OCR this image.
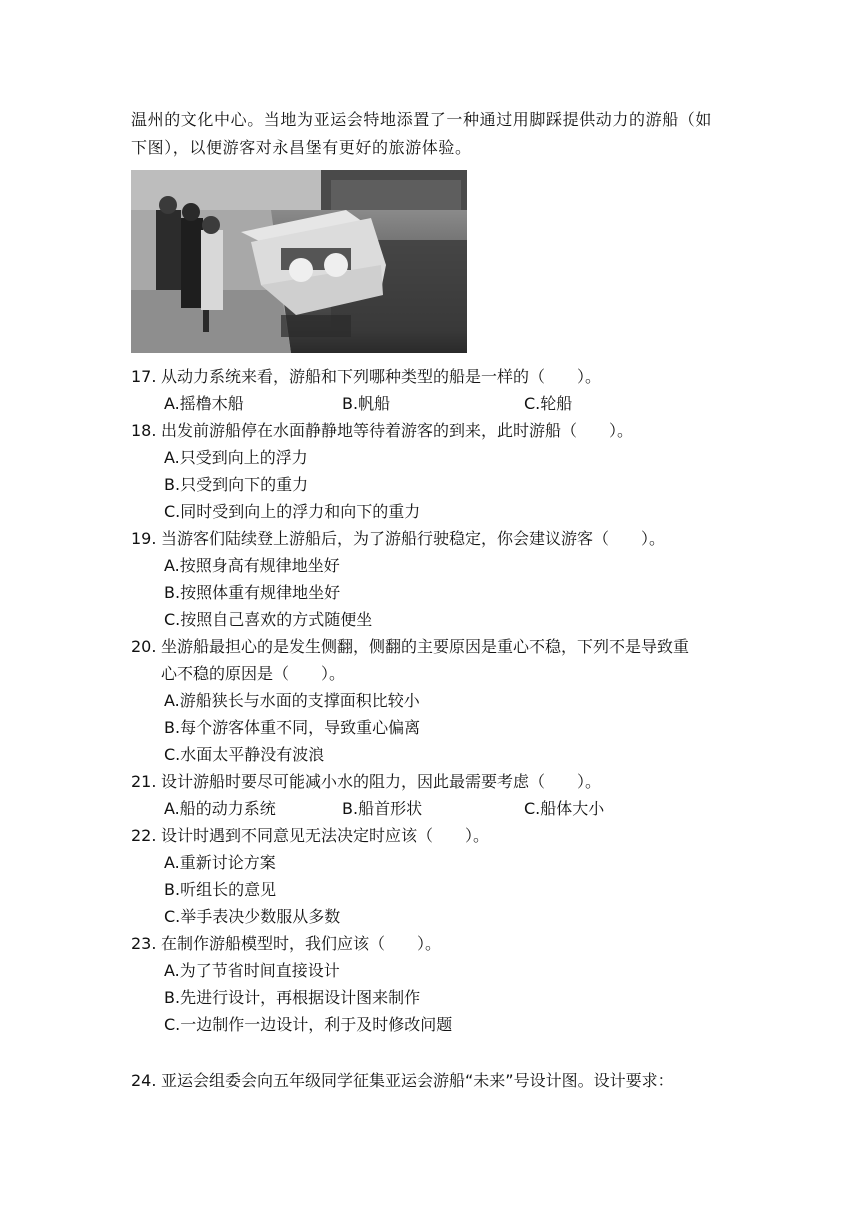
温州的文化中心。当地为亚运会特地添置了一种通过用脚踩提供动力的游船（如
下图），以便游客对永昌堡有更好的旅游体验。
17. 从动力系统来看，游船和下列哪种类型的船是一样的（　　）。
A.摇橹木船	B.帆船	C.轮船
18. 出发前游船停在水面静静地等待着游客的到来，此时游船（　　）。
A.只受到向上的浮力
B.只受到向下的重力
C.同时受到向上的浮力和向下的重力
19. 当游客们陆续登上游船后，为了游船行驶稳定，你会建议游客（　　）。
A.按照身高有规律地坐好
B.按照体重有规律地坐好
C.按照自己喜欢的方式随便坐
20. 坐游船最担心的是发生侧翻，侧翻的主要原因是重心不稳，下列不是导致重
心不稳的原因是（　　）。
A.游船狭长与水面的支撑面积比较小
B.每个游客体重不同，导致重心偏离
C.水面太平静没有波浪
21. 设计游船时要尽可能减小水的阻力，因此最需要考虑（　　）。
A.船的动力系统	B.船首形状	C.船体大小
22. 设计时遇到不同意见无法决定时应该（　　）。
A.重新讨论方案
B.听组长的意见
C.举手表决少数服从多数
23. 在制作游船模型时，我们应该（　　）。
A.为了节省时间直接设计
B.先进行设计，再根据设计图来制作
C.一边制作一边设计，利于及时修改问题
24. 亚运会组委会向五年级同学征集亚运会游船“未来”号设计图。设计要求：
